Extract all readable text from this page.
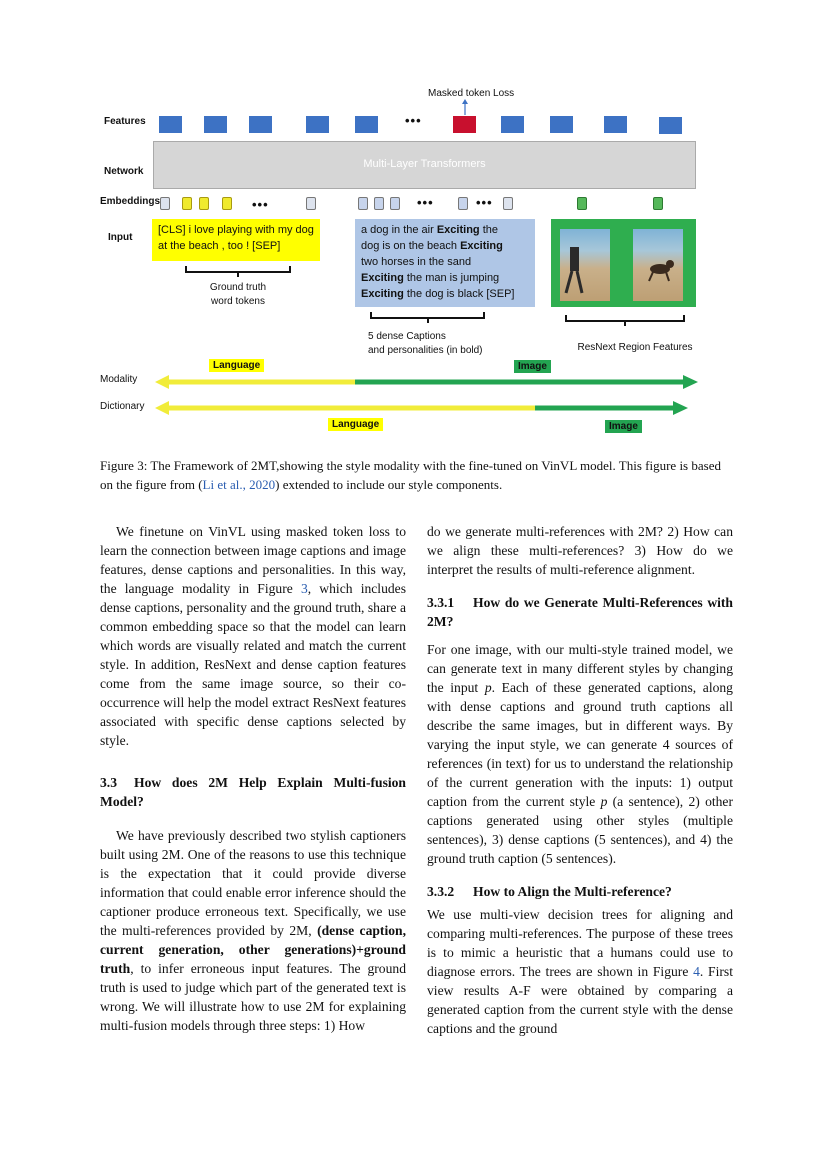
Features
Network
Embeddings
Input
Modality
Dictionary
Masked token Loss
•••
Multi-Layer Transformers
•••	•••	•••
[CLS] i love playing with my dog at the beach , too ! [SEP]
a dog in the air Exciting the
dog is on the beach Exciting
two horses in the sand
Exciting the man is jumping
Exciting the dog is black [SEP]
Ground truth
word tokens
5 dense Captions
and personalities (in bold)	ResNext Region Features
Language	Image
Language	Image
Figure 3: The Framework of 2MT,showing the style modality with the fine-tuned on VinVL model. This figure is based on the figure from (Li et al., 2020) extended to include our style components.

We finetune on VinVL using masked token loss to learn the connection between image captions and image features, dense captions and personalities. In this way, the language modality in Figure 3, which includes dense captions, personality and the ground truth, share a common embedding space so that the model can learn which words are visually related and match the current style. In addition, ResNext and dense caption features come from the same image source, so their co-occurrence will help the model extract ResNext features associated with specific dense captions selected by style.

3.3 How does 2M Help Explain Multi-fusion Model?

We have previously described two stylish captioners built using 2M. One of the reasons to use this technique is the expectation that it could provide diverse information that could enable error inference should the captioner produce erroneous text. Specifically, we use the multi-references provided by 2M, (dense caption, current generation, other generations)+ground truth, to infer erroneous input features. The ground truth is used to judge which part of the generated text is wrong. We will illustrate how to use 2M for explaining multi-fusion models through three steps: 1) How

do we generate multi-references with 2M? 2) How can we align these multi-references? 3) How do we interpret the results of multi-reference alignment.

3.3.1 How do we Generate Multi-References with 2M?

For one image, with our multi-style trained model, we can generate text in many different styles by changing the input p. Each of these generated captions, along with dense captions and ground truth captions all describe the same images, but in different ways. By varying the input style, we can generate 4 sources of references (in text) for us to understand the relationship of the current generation with the inputs: 1) output caption from the current style p (a sentence), 2) other captions generated using other styles (multiple sentences), 3) dense captions (5 sentences), and 4) the ground truth caption (5 sentences).

3.3.2 How to Align the Multi-reference?

We use multi-view decision trees for aligning and comparing multi-references. The purpose of these trees is to mimic a heuristic that a humans could use to diagnose errors. The trees are shown in Figure 4. First view results A-F were obtained by comparing a generated caption from the current style with the dense captions and the ground
